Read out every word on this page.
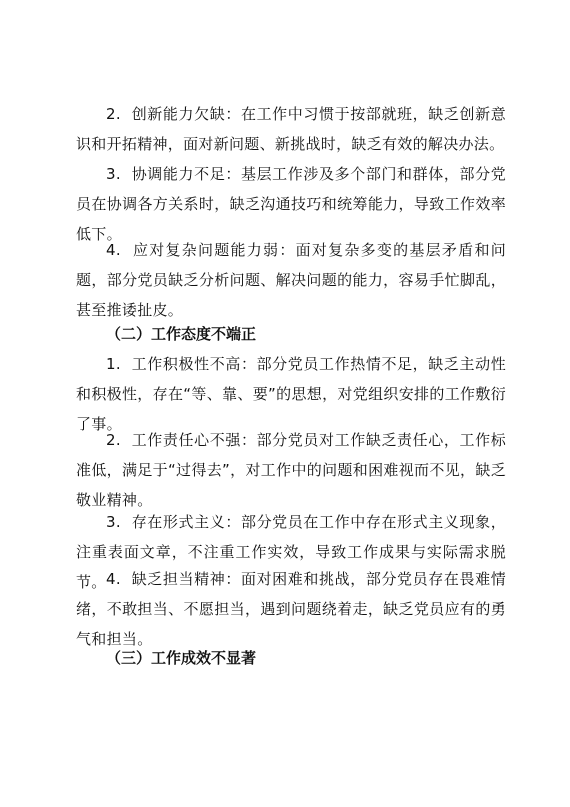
2. 创新能力欠缺：在工作中习惯于按部就班，缺乏创新意识和开拓精神，面对新问题、新挑战时，缺乏有效的解决办法。
3. 协调能力不足：基层工作涉及多个部门和群体，部分党员在协调各方关系时，缺乏沟通技巧和统筹能力，导致工作效率低下。
4. 应对复杂问题能力弱：面对复杂多变的基层矛盾和问题，部分党员缺乏分析问题、解决问题的能力，容易手忙脚乱，甚至推诿扯皮。
（二）工作态度不端正
1. 工作积极性不高：部分党员工作热情不足，缺乏主动性和积极性，存在“等、靠、要”的思想，对党组织安排的工作敷衍了事。
2. 工作责任心不强：部分党员对工作缺乏责任心，工作标准低，满足于“过得去”，对工作中的问题和困难视而不见，缺乏敬业精神。
3. 存在形式主义：部分党员在工作中存在形式主义现象，注重表面文章，不注重工作实效，导致工作成果与实际需求脱节。 4. 缺乏担当精神：面对困难和挑战，部分党员存在畏难情绪，不敢担当、不愿担当，遇到问题绕着走，缺乏党员应有的勇气和担当。
（三）工作成效不显著
